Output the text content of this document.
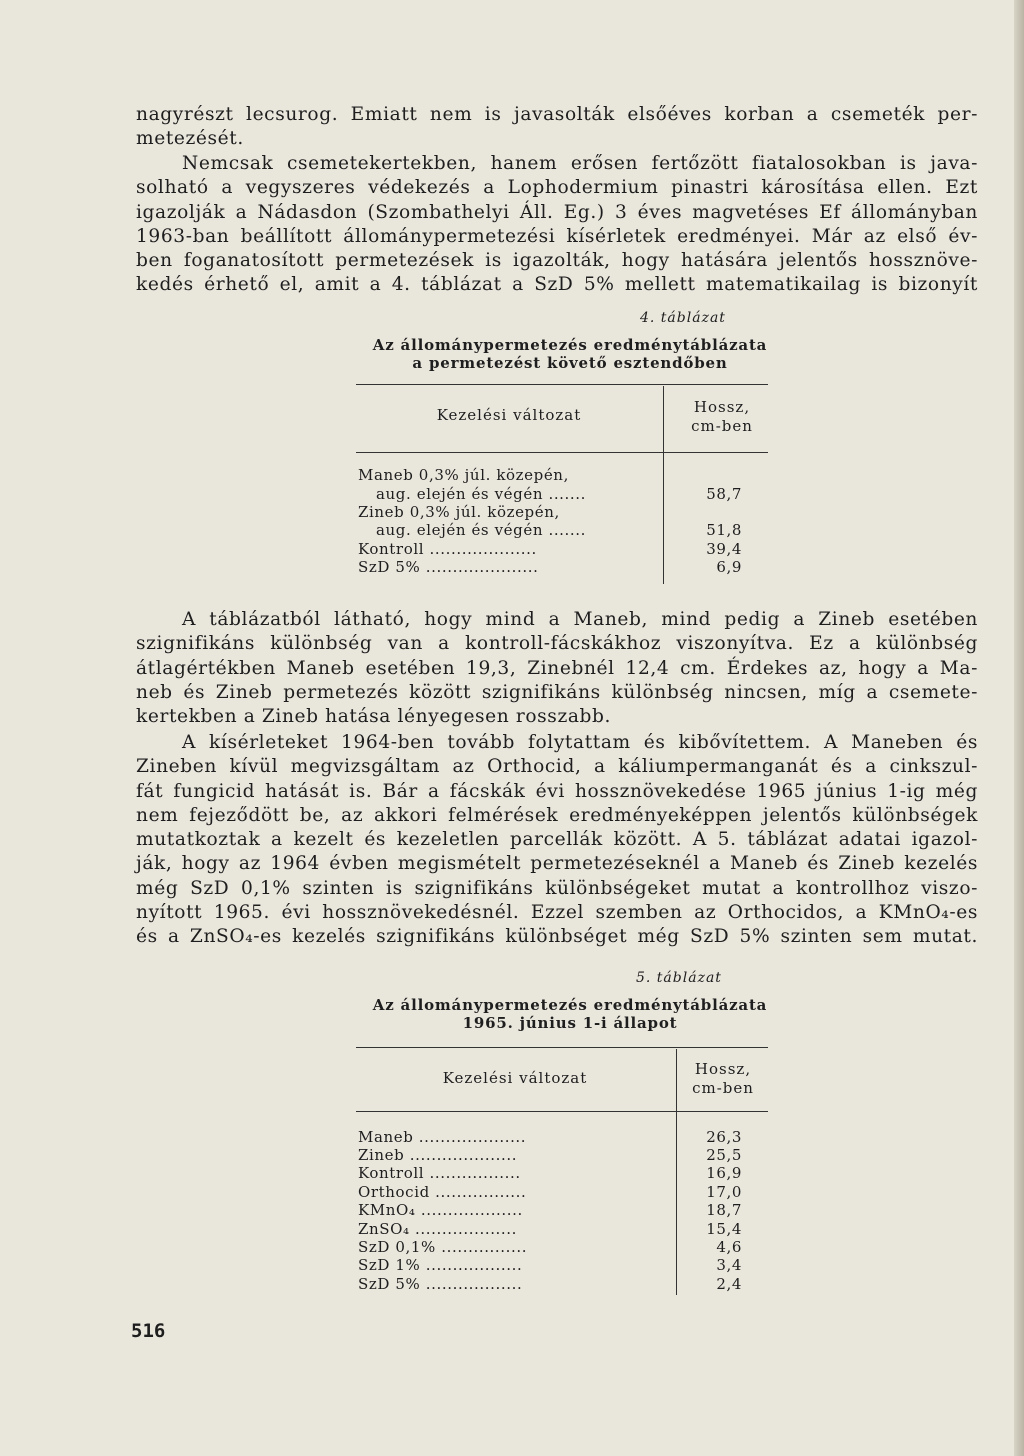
nagyrészt lecsurog. Emiatt nem is javasolták elsőéves korban a csemeték per-
metezését.

Nemcsak csemetekertekben, hanem erősen fertőzött fiatalosokban is java-
solható a vegyszeres védekezés a Lophodermium pinastri károsítása ellen. Ezt
igazolják a Nádasdon (Szombathelyi Áll. Eg.) 3 éves magvetéses Ef állományban
1963-ban beállított állománypermetezési kísérletek eredményei. Már az első év-
ben foganatosított permetezések is igazolták, hogy hatására jelentős hossznöve-
kedés érhető el, amit a 4. táblázat a SzD 5% mellett matematikailag is bizonyít

4. táblázat
Az állománypermetezés eredménytáblázata
a permetezést követő esztendőben
Kezelési változat	Hossz,
cm-ben
Maneb 0,3% júl. közepén,
aug. elején és végén .......
Zineb 0,3% júl. közepén,
aug. elején és végén .......
Kontroll ....................
SzD 5% .....................
58,7
51,8
39,4
6,9

A táblázatból látható, hogy mind a Maneb, mind pedig a Zineb esetében
szignifikáns különbség van a kontroll-fácskákhoz viszonyítva. Ez a különbség
átlagértékben Maneb esetében 19,3, Zinebnél 12,4 cm. Érdekes az, hogy a Ma-
neb és Zineb permetezés között szignifikáns különbség nincsen, míg a csemete-
kertekben a Zineb hatása lényegesen rosszabb.

A kísérleteket 1964-ben tovább folytattam és kibővítettem. A Maneben és
Zineben kívül megvizsgáltam az Orthocid, a káliumpermanganát és a cinkszul-
fát fungicid hatását is. Bár a fácskák évi hossznövekedése 1965 június 1-ig még
nem fejeződött be, az akkori felmérések eredményeképpen jelentős különbségek
mutatkoztak a kezelt és kezeletlen parcellák között. A 5. táblázat adatai igazol-
ják, hogy az 1964 évben megismételt permetezéseknél a Maneb és Zineb kezelés
még SzD 0,1% szinten is szignifikáns különbségeket mutat a kontrollhoz viszo-
nyított 1965. évi hossznövekedésnél. Ezzel szemben az Orthocidos, a KMnO₄-es
és a ZnSO₄-es kezelés szignifikáns különbséget még SzD 5% szinten sem mutat.

5. táblázat
Az állománypermetezés eredménytáblázata
1965. június 1-i állapot
Kezelési változat	Hossz,
cm-ben
Maneb ....................
Zineb ....................
Kontroll .................
Orthocid .................
KMnO₄ ...................
ZnSO₄ ...................
SzD 0,1% ................
SzD 1% ..................
SzD 5% ..................
26,3
25,5
16,9
17,0
18,7
15,4
4,6
3,4
2,4
516
